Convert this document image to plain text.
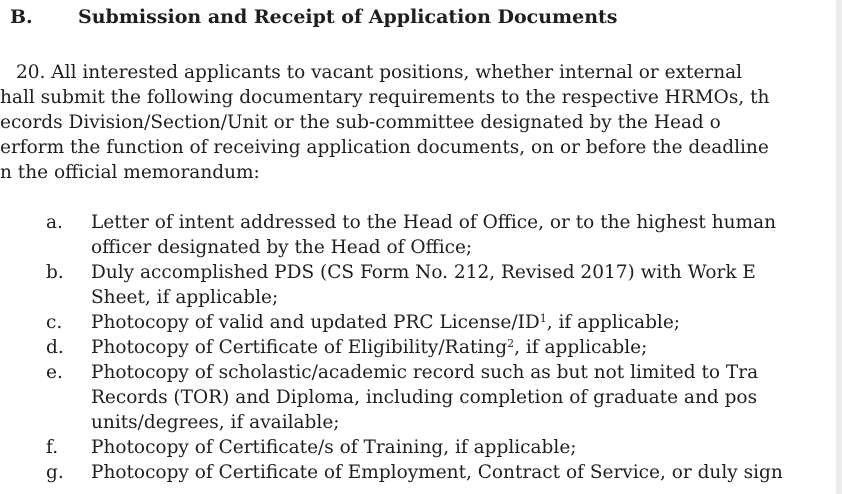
B. Submission and Receipt of Application Documents
20. All interested applicants to vacant positions, whether internal or external
hall submit the following documentary requirements to the respective HRMOs, th
ecords Division/Section/Unit or the sub-committee designated by the Head o
erform the function of receiving application documents, on or before the deadline
n the official memorandum:
a. Letter of intent addressed to the Head of Office, or to the highest human
officer designated by the Head of Office;
b. Duly accomplished PDS (CS Form No. 212, Revised 2017) with Work E
Sheet, if applicable;
c. Photocopy of valid and updated PRC License/$ID^1$, if applicable;
d. Photocopy of Certificate of Eligibility/Rating$^2$, if applicable;
e. Photocopy of scholastic/academic record such as but not limited to Tra
Records (TOR) and Diploma, including completion of graduate and pos
units/degrees, if available;
f. Photocopy of Certificate/s of Training, if applicable;
g. Photocopy of Certificate of Employment, Contract of Service, or duly sign
